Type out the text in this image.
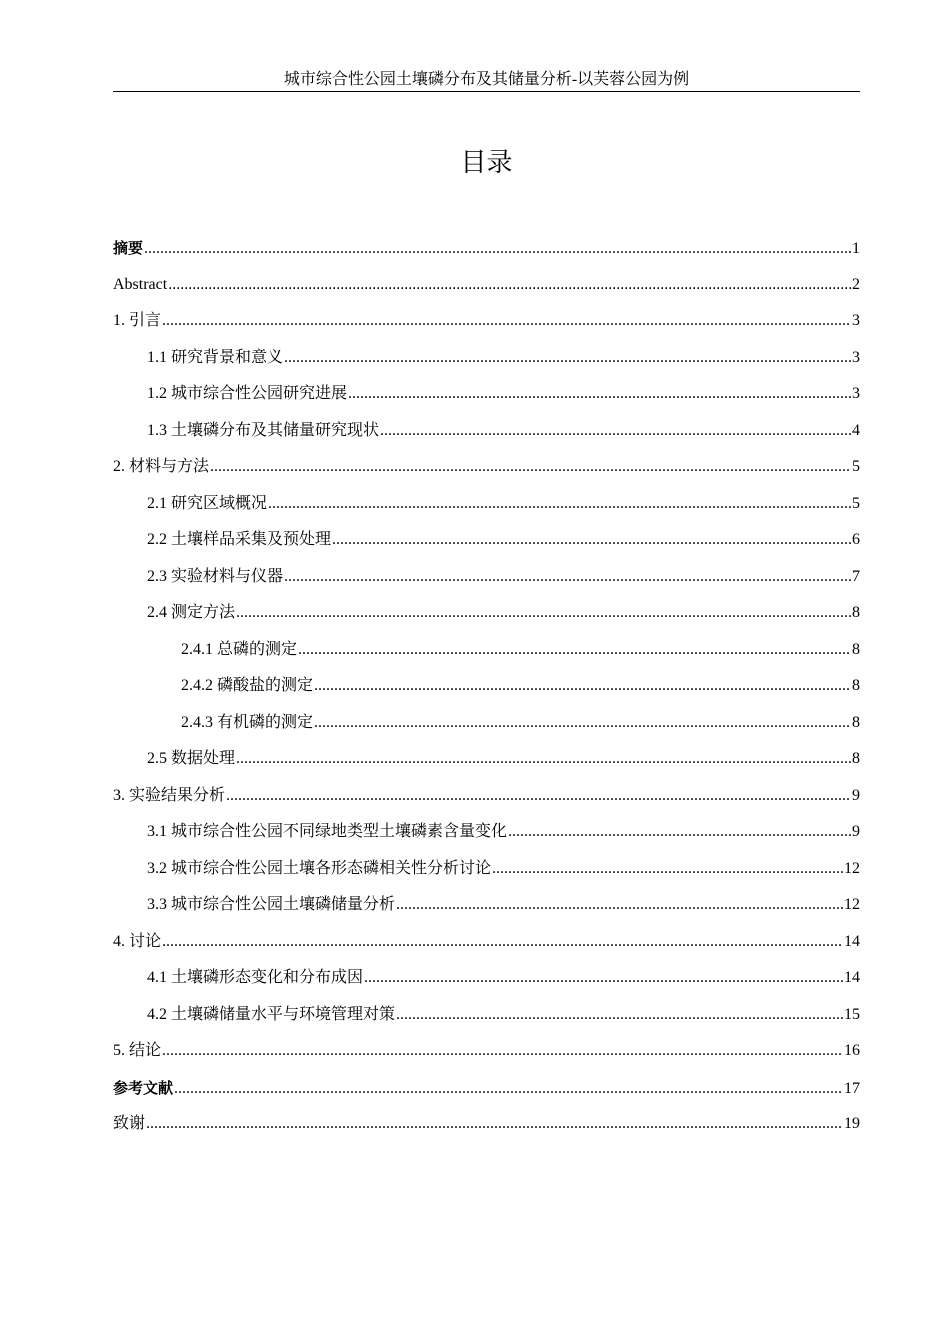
城市综合性公园土壤磷分布及其储量分析-以芙蓉公园为例
目录
摘要 .....	1
Abstract .....	2
1. 引言 .....	3
1.1 研究背景和意义 .....	3
1.2 城市综合性公园研究进展 .....	3
1.3 土壤磷分布及其储量研究现状 .....	4
2. 材料与方法 .....	5
2.1 研究区域概况 .....	5
2.2 土壤样品采集及预处理 .....	6
2.3 实验材料与仪器 .....	7
2.4 测定方法 .....	8
2.4.1 总磷的测定 .....	8
2.4.2 磷酸盐的测定 .....	8
2.4.3 有机磷的测定 .....	8
2.5 数据处理 .....	8
3. 实验结果分析 .....	9
3.1 城市综合性公园不同绿地类型土壤磷素含量变化 .....	9
3.2 城市综合性公园土壤各形态磷相关性分析讨论 .....	12
3.3 城市综合性公园土壤磷储量分析 .....	12
4. 讨论 .....	14
4.1 土壤磷形态变化和分布成因 .....	14
4.2 土壤磷储量水平与环境管理对策 .....	15
5. 结论 .....	16
参考文献 .....	17
致谢 .....	19
